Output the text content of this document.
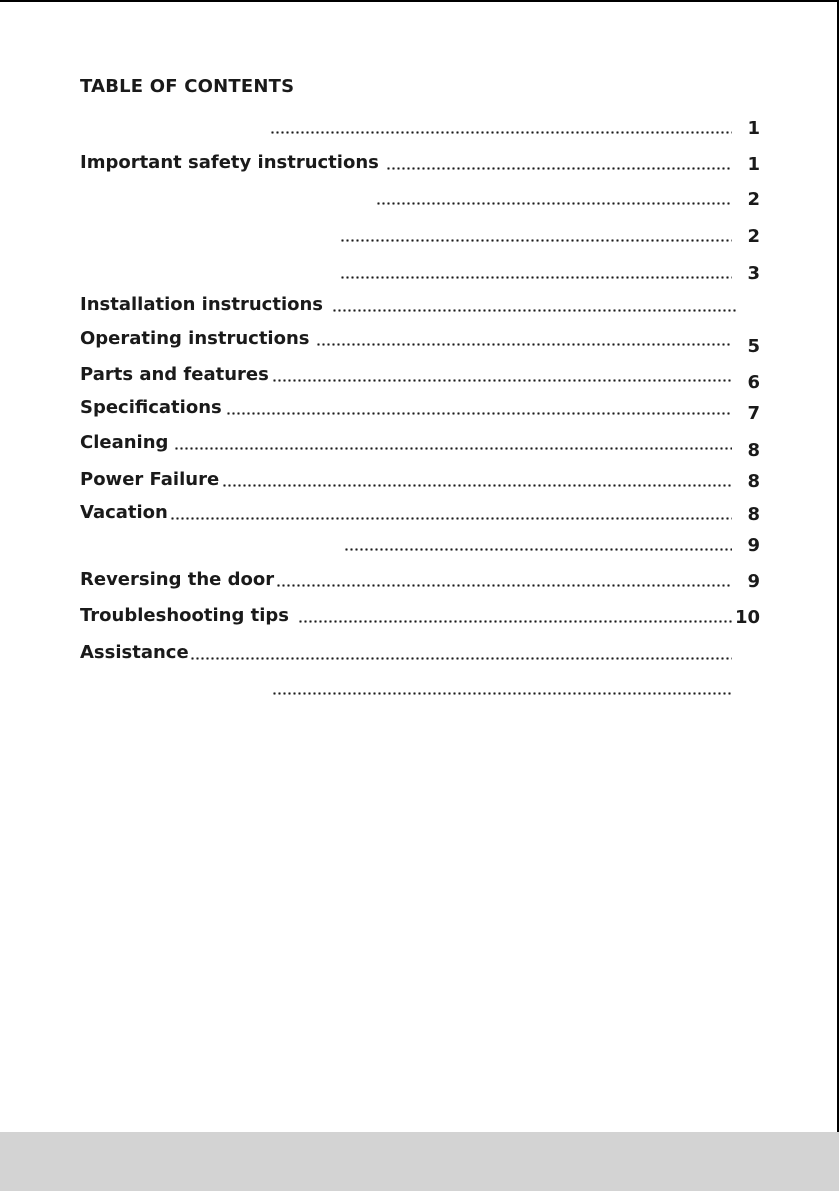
TABLE OF CONTENTS
1
Important safety instructions	1
2
2
3
Installation instructions
Operating instructions	5
Parts and features	6
Specifications	7
Cleaning	8
Power Failure	8
Vacation	8
9
Reversing the door	9
Troubleshooting tips	10
Assistance
